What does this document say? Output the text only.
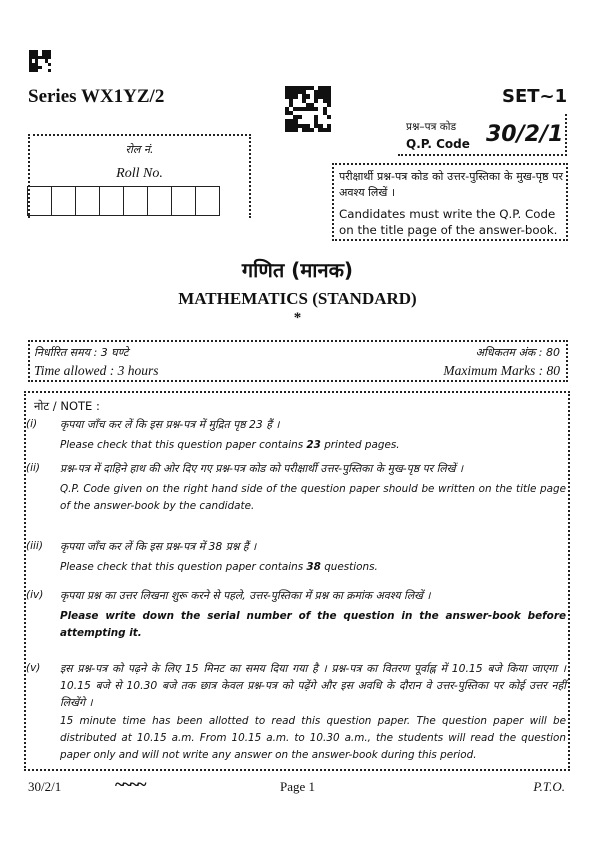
Series WX1YZ/2	SET~1
प्रश्न–पत्र कोड
Q.P. Code 30/2/1
रोल नं.
Roll No.	परीक्षार्थी प्रश्न-पत्र कोड को उत्तर-पुस्तिका के मुख-पृष्ठ पर अवश्य लिखें ।
Candidates must write the Q.P. Code on the title page of the answer-book.
गणित (मानक)
MATHEMATICS (STANDARD)
*
निर्धारित समय : 3 घण्टे	अधिकतम अंक : 80
Time allowed : 3 hours	Maximum Marks : 80
नोट / NOTE :
(i) कृपया जाँच कर लें कि इस प्रश्न-पत्र में मुद्रित पृष्ठ 23 हैं ।
Please check that this question paper contains 23 printed pages.
(ii) प्रश्न-पत्र में दाहिने हाथ की ओर दिए गए प्रश्न-पत्र कोड को परीक्षार्थी उत्तर-पुस्तिका के मुख-पृष्ठ पर लिखें ।
Q.P. Code given on the right hand side of the question paper should be written on the title page of the answer-book by the candidate.
(iii) कृपया जाँच कर लें कि इस प्रश्न-पत्र में 38 प्रश्न हैं ।
Please check that this question paper contains 38 questions.
(iv) कृपया प्रश्न का उत्तर लिखना शुरू करने से पहले, उत्तर-पुस्तिका में प्रश्न का क्रमांक अवश्य लिखें ।
Please write down the serial number of the question in the answer-book before attempting it.
(v) इस प्रश्न-पत्र को पढ़ने के लिए 15 मिनट का समय दिया गया है । प्रश्न-पत्र का वितरण पूर्वाह्न में 10.15 बजे किया जाएगा । 10.15 बजे से 10.30 बजे तक छात्र केवल प्रश्न-पत्र को पढ़ेंगे और इस अवधि के दौरान वे उत्तर-पुस्तिका पर कोई उत्तर नहीं लिखेंगे ।
15 minute time has been allotted to read this question paper. The question paper will be distributed at 10.15 a.m. From 10.15 a.m. to 10.30 a.m., the students will read the question paper only and will not write any answer on the answer-book during this period.
30/2/1	~~~~	Page 1	P.T.O.
